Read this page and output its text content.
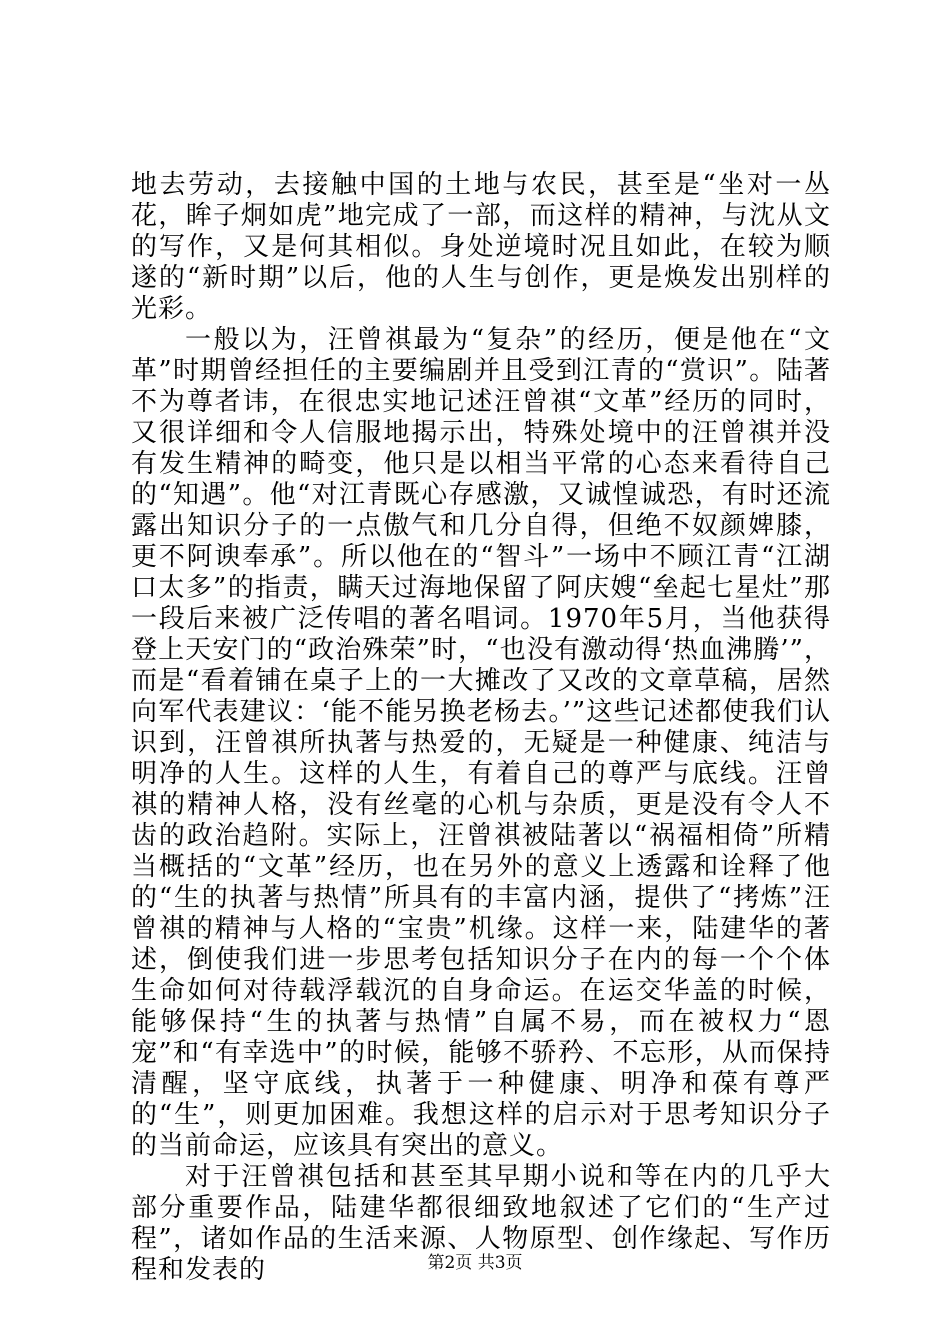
地去劳动，去接触中国的土地与农民，甚至是“坐对一丛花，眸子炯如虎”地完成了一部，而这样的精神，与沈从文的写作，又是何其相似。身处逆境时况且如此，在较为顺遂的“新时期”以后，他的人生与创作，更是焕发出别样的光彩。

一般以为，汪曾祺最为“复杂”的经历，便是他在“文革”时期曾经担任的主要编剧并且受到江青的“赏识”。陆著不为尊者讳，在很忠实地记述汪曾祺“文革”经历的同时，又很详细和令人信服地揭示出，特殊处境中的汪曾祺并没有发生精神的畸变，他只是以相当平常的心态来看待自己的“知遇”。他“对江青既心存感激，又诚惶诚恐，有时还流露出知识分子的一点傲气和几分自得，但绝不奴颜婢膝，更不阿谀奉承”。所以他在的“智斗”一场中不顾江青“江湖口太多”的指责，瞒天过海地保留了阿庆嫂“垒起七星灶”那一段后来被广泛传唱的著名唱词。1970年5月，当他获得登上天安门的“政治殊荣”时，“也没有激动得‘热血沸腾’”，而是“看着铺在桌子上的一大摊改了又改的文章草稿，居然向军代表建议：‘能不能另换老杨去。’”这些记述都使我们认识到，汪曾祺所执著与热爱的，无疑是一种健康、纯洁与明净的人生。这样的人生，有着自己的尊严与底线。汪曾祺的精神人格，没有丝毫的心机与杂质，更是没有令人不齿的政治趋附。实际上，汪曾祺被陆著以“祸福相倚”所精当概括的“文革”经历，也在另外的意义上透露和诠释了他的“生的执著与热情”所具有的丰富内涵，提供了“拷炼”汪曾祺的精神与人格的“宝贵”机缘。这样一来，陆建华的著述，倒使我们进一步思考包括知识分子在内的每一个个体生命如何对待载浮载沉的自身命运。在运交华盖的时候，能够保持“生的执著与热情”自属不易，而在被权力“恩宠”和“有幸选中”的时候，能够不骄矜、不忘形，从而保持清醒，坚守底线，执著于一种健康、明净和葆有尊严的“生”，则更加困难。我想这样的启示对于思考知识分子的当前命运，应该具有突出的意义。

对于汪曾祺包括和甚至其早期小说和等在内的几乎大部分重要作品，陆建华都很细致地叙述了它们的“生产过程”，诸如作品的生活来源、人物原型、创作缘起、写作历程和发表的	第2页 共3页
